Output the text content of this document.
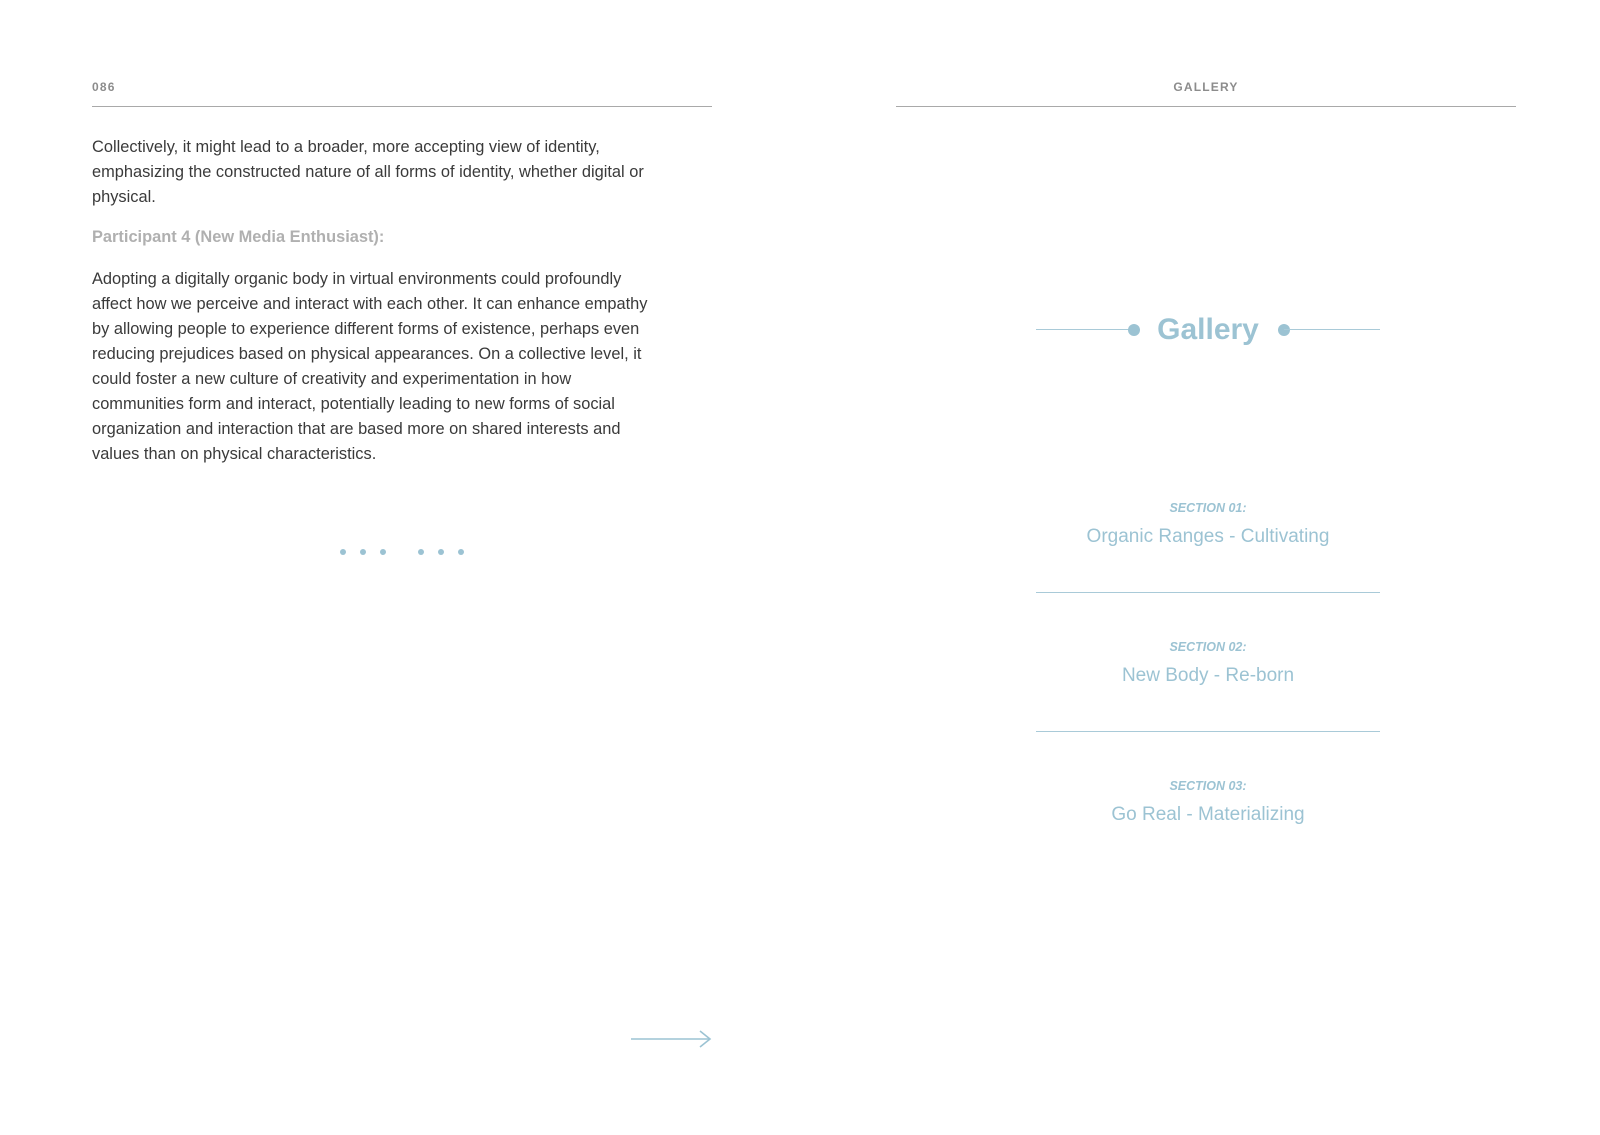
086

Collectively, it might lead to a broader, more accepting view of identity, emphasizing the constructed nature of all forms of identity, whether digital or physical.

Participant 4 (New Media Enthusiast):

Adopting a digitally organic body in virtual environments could profoundly affect how we perceive and interact with each other. It can enhance empathy by allowing people to experience different forms of existence, perhaps even reducing prejudices based on physical appearances. On a collective level, it could foster a new culture of creativity and experimentation in how communities form and interact, potentially leading to new forms of social organization and interaction that are based more on shared interests and values than on physical characteristics.

GALLERY

Gallery

SECTION 01:

Organic Ranges - Cultivating

SECTION 02:

New Body - Re-born

SECTION 03:

Go Real - Materializing
